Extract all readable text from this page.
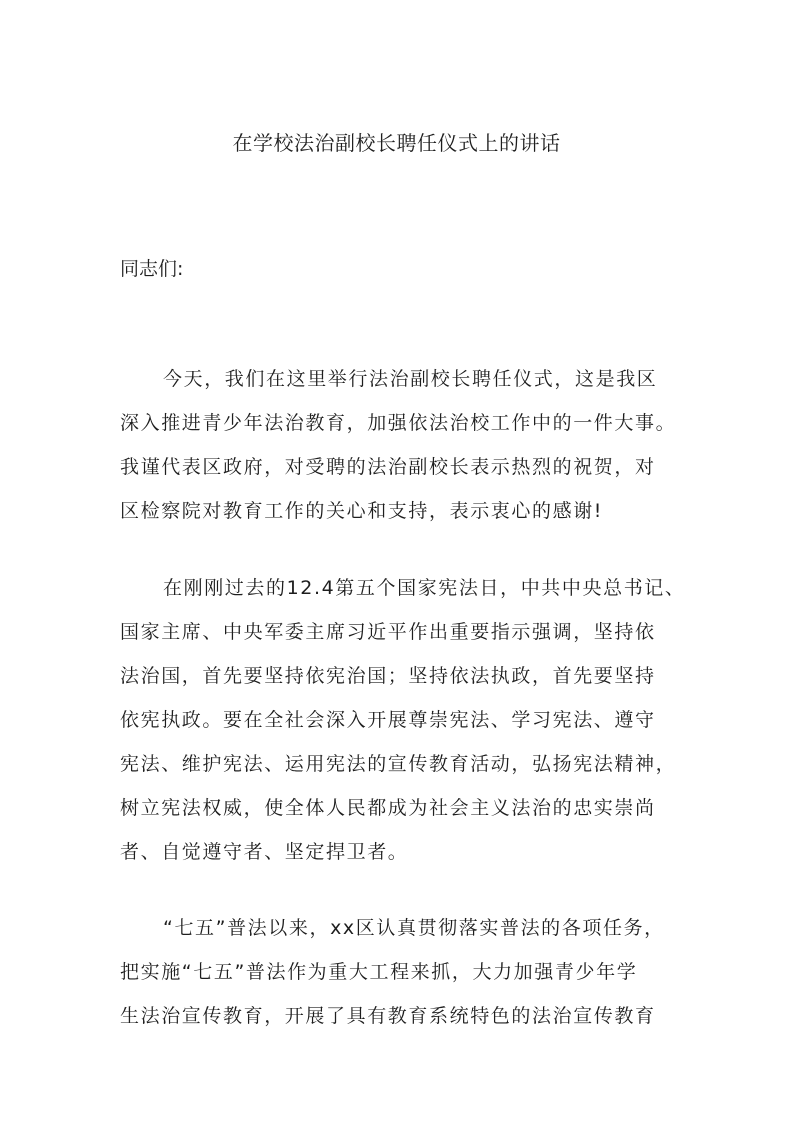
在学校法治副校长聘任仪式上的讲话
同志们:
今天，我们在这里举行法治副校长聘任仪式，这是我区
深入推进青少年法治教育，加强依法治校工作中的一件大事。
我谨代表区政府，对受聘的法治副校长表示热烈的祝贺，对
区检察院对教育工作的关心和支持，表示衷心的感谢!
在刚刚过去的12.4第五个国家宪法日，中共中央总书记、
国家主席、中央军委主席习近平作出重要指示强调，坚持依
法治国，首先要坚持依宪治国；坚持依法执政，首先要坚持
依宪执政。要在全社会深入开展尊崇宪法、学习宪法、遵守
宪法、维护宪法、运用宪法的宣传教育活动，弘扬宪法精神，
树立宪法权威，使全体人民都成为社会主义法治的忠实崇尚
者、自觉遵守者、坚定捍卫者。
“七五”普法以来，xx区认真贯彻落实普法的各项任务，
把实施“七五”普法作为重大工程来抓，大力加强青少年学
生法治宣传教育，开展了具有教育系统特色的法治宣传教育
